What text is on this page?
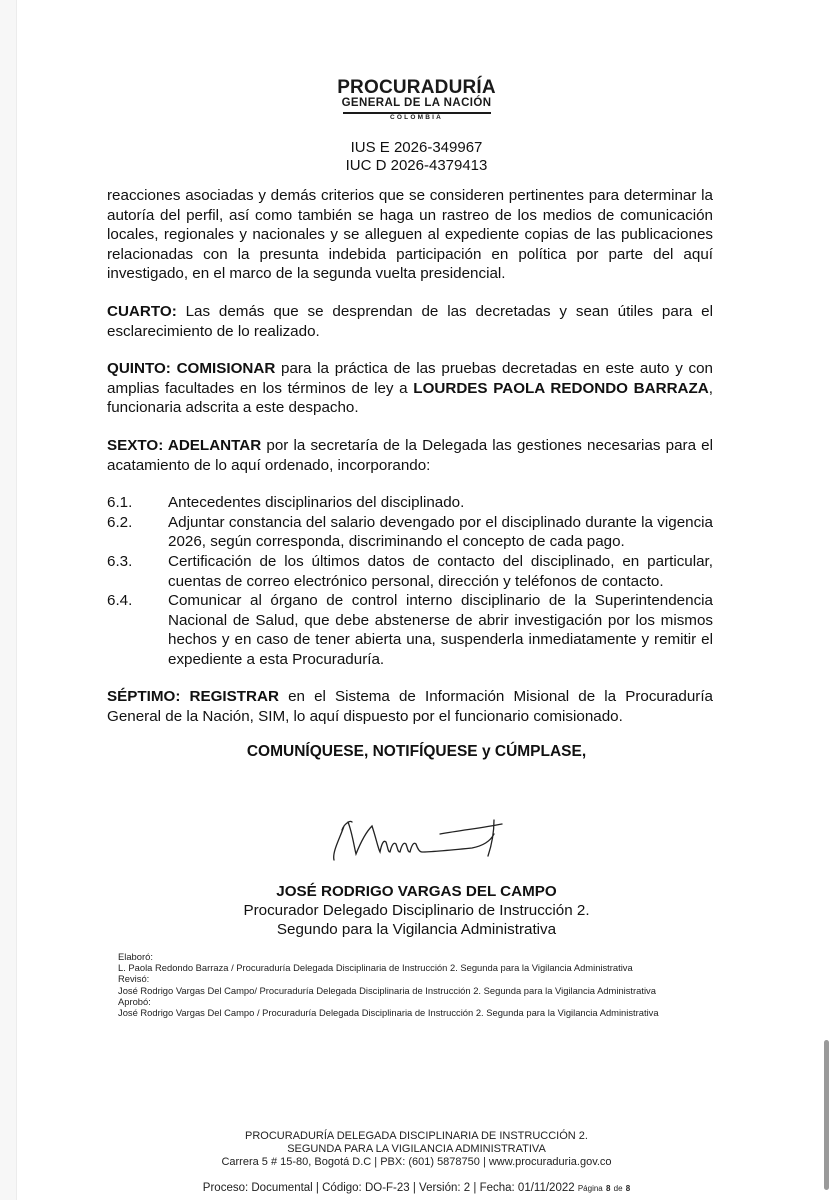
PROCURADURÍA
GENERAL DE LA NACIÓN
COLOMBIA
IUS E 2026-349967
IUC D 2026-4379413

reacciones asociadas y demás criterios que se consideren pertinentes para determinar la autoría del perfil, así como también se haga un rastreo de los medios de comunicación locales, regionales y nacionales y se alleguen al expediente copias de las publicaciones relacionadas con la presunta indebida participación en política por parte del aquí investigado, en el marco de la segunda vuelta presidencial.

CUARTO: Las demás que se desprendan de las decretadas y sean útiles para el esclarecimiento de lo realizado.

QUINTO: COMISIONAR para la práctica de las pruebas decretadas en este auto y con amplias facultades en los términos de ley a LOURDES PAOLA REDONDO BARRAZA, funcionaria adscrita a este despacho.

SEXTO: ADELANTAR por la secretaría de la Delegada las gestiones necesarias para el acatamiento de lo aquí ordenado, incorporando:

6.1.	Antecedentes disciplinarios del disciplinado.
6.2.	Adjuntar constancia del salario devengado por el disciplinado durante la vigencia 2026, según corresponda, discriminando el concepto de cada pago.
6.3.	Certificación de los últimos datos de contacto del disciplinado, en particular, cuentas de correo electrónico personal, dirección y teléfonos de contacto.
6.4.	Comunicar al órgano de control interno disciplinario de la Superintendencia Nacional de Salud, que debe abstenerse de abrir investigación por los mismos hechos y en caso de tener abierta una, suspenderla inmediatamente y remitir el expediente a esta Procuraduría.

SÉPTIMO: REGISTRAR en el Sistema de Información Misional de la Procuraduría General de la Nación, SIM, lo aquí dispuesto por el funcionario comisionado.

COMUNÍQUESE, NOTIFÍQUESE y CÚMPLASE,
JOSÉ RODRIGO VARGAS DEL CAMPO
Procurador Delegado Disciplinario de Instrucción 2.
Segundo para la Vigilancia Administrativa
Elaboró:
L. Paola Redondo Barraza / Procuraduría Delegada Disciplinaria de Instrucción 2. Segunda para la Vigilancia Administrativa
Revisó:
José Rodrigo Vargas Del Campo/ Procuraduría Delegada Disciplinaria de Instrucción 2. Segunda para la Vigilancia Administrativa
Aprobó:
José Rodrigo Vargas Del Campo / Procuraduría Delegada Disciplinaria de Instrucción 2. Segunda para la Vigilancia Administrativa
PROCURADURÍA DELEGADA DISCIPLINARIA DE INSTRUCCIÓN 2.
SEGUNDA PARA LA VIGILANCIA ADMINISTRATIVA
Carrera 5 # 15-80, Bogotá D.C | PBX: (601) 5878750 | www.procuraduria.gov.co
Proceso: Documental | Código: DO-F-23 | Versión: 2 | Fecha: 01/11/2022 Página 8 de 8
